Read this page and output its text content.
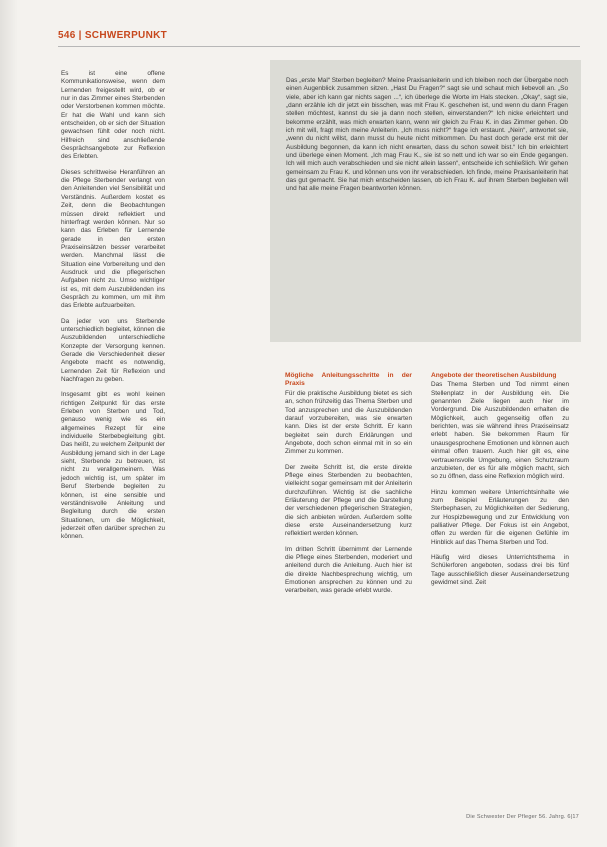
546 | SCHWERPUNKT

Es ist eine offene Kommunikationsweise, wenn dem Lernenden freigestellt wird, ob er nur in das Zimmer eines Sterbenden oder Verstorbenen kommen möchte. Er hat die Wahl und kann sich entscheiden, ob er sich der Situation gewachsen fühlt oder noch nicht. Hilfreich sind anschließende Gesprächsangebote zur Reflexion des Erlebten.

Dieses schrittweise Heranführen an die Pflege Sterbender verlangt von den Anleitenden viel Sensibilität und Verständnis. Außerdem kostet es Zeit, denn die Beobachtungen müssen direkt reflektiert und hinterfragt werden können. Nur so kann das Erleben für Lernende gerade in den ersten Praxiseinsätzen besser verarbeitet werden. Manchmal lässt die Situation eine Vorbereitung und den Ausdruck und die pflegerischen Aufgaben nicht zu. Umso wichtiger ist es, mit dem Auszubildenden ins Gespräch zu kommen, um mit ihm das Erlebte aufzuarbeiten.

Da jeder von uns Sterbende unterschiedlich begleitet, können die Auszubildenden unterschiedliche Konzepte der Versorgung kennen. Gerade die Verschiedenheit dieser Angebote macht es notwendig, Lernenden Zeit für Reflexion und Nachfragen zu geben.

Insgesamt gibt es wohl keinen richtigen Zeitpunkt für das erste Erleben von Sterben und Tod, genauso wenig wie es ein allgemeines Rezept für eine individuelle Sterbebegleitung gibt. Das heißt, zu welchem Zeitpunkt der Ausbildung jemand sich in der Lage sieht, Sterbende zu betreuen, ist nicht zu verallgemeinern. Was jedoch wichtig ist, um später im Beruf Sterbende begleiten zu können, ist eine sensible und verständnisvolle Anleitung und Begleitung durch die ersten Situationen, um die Möglichkeit, jederzeit offen darüber sprechen zu können.

Das „erste Mal“ Sterben begleiten? Meine Praxisanleiterin und ich bleiben noch der Übergabe noch einen Augenblick zusammen sitzen. „Hast Du Fragen?“ sagt sie und schaut mich liebevoll an. „So viele, aber ich kann gar nichts sagen ...“, ich überlege die Worte im Hals stecken. „Okay“, sagt sie, „dann erzähle ich dir jetzt ein bisschen, was mit Frau K. geschehen ist, und wenn du dann Fragen stellen möchtest, kannst du sie ja dann noch stellen, einverstanden?“ Ich nicke erleichtert und bekomme erzählt, was mich erwarten kann, wenn wir gleich zu Frau K. in das Zimmer gehen. Ob ich mit will, fragt mich meine Anleiterin. „Ich muss nicht?“ frage ich erstaunt. „Nein“, antwortet sie, „wenn du nicht willst, dann musst du heute nicht mitkommen. Du hast doch gerade erst mit der Ausbildung begonnen, da kann ich nicht erwarten, dass du schon soweit bist.“ Ich bin erleichtert und überlege einen Moment. „Ich mag Frau K., sie ist so nett und ich war so ein Ende gegangen. Ich will mich auch verabschieden und sie nicht allein lassen“, entscheide ich schließlich. Wir gehen gemeinsam zu Frau K. und können uns von ihr verabschieden. Ich finde, meine Praxisanleiterin hat das gut gemacht. Sie hat mich entscheiden lassen, ob ich Frau K. auf ihrem Sterben begleiten will und hat alle meine Fragen beantworten können.

Mögliche Anleitungsschritte in der Praxis

Für die praktische Ausbildung bietet es sich an, schon frühzeitig das Thema Sterben und Tod anzusprechen und die Auszubildenden darauf vorzubereiten, was sie erwarten kann. Dies ist der erste Schritt. Er kann begleitet sein durch Erklärungen und Angebote, doch schon einmal mit in so ein Zimmer zu kommen.

Der zweite Schritt ist, die erste direkte Pflege eines Sterbenden zu beobachten, vielleicht sogar gemeinsam mit der Anleiterin durchzuführen. Wichtig ist die sachliche Erläuterung der Pflege und die Darstellung der verschiedenen pflegerischen Strategien, die sich anbieten würden. Außerdem sollte diese erste Auseinandersetzung kurz reflektiert werden können.

Im dritten Schritt übernimmt der Lernende die Pflege eines Sterbenden, moderiert und anleitend durch die Anleitung. Auch hier ist die direkte Nachbesprechung wichtig, um Emotionen ansprechen zu können und zu verarbeiten, was gerade erlebt wurde.

Angebote der theoretischen Ausbildung

Das Thema Sterben und Tod nimmt einen Stellenplatz in der Ausbildung ein. Die genannten Ziele liegen auch hier im Vordergrund. Die Auszubildenden erhalten die Möglichkeit, auch gegenseitig offen zu berichten, was sie während ihres Praxiseinsatz erlebt haben. Sie bekommen Raum für unausgesprochene Emotionen und können auch einmal offen trauern. Auch hier gilt es, eine vertrauensvolle Umgebung, einen Schutzraum anzubieten, der es für alle möglich macht, sich so zu öffnen, dass eine Reflexion möglich wird.

Hinzu kommen weitere Unterrichtsinhalte wie zum Beispiel Erläuterungen zu den Sterbephasen, zu Möglichkeiten der Sedierung, zur Hospizbewegung und zur Entwicklung von palliativer Pflege. Der Fokus ist ein Angebot, offen zu werden für die eigenen Gefühle im Hinblick auf das Thema Sterben und Tod.

Häufig wird dieses Unterrichtsthema in Schülerforen angeboten, sodass drei bis fünf Tage ausschließlich dieser Auseinandersetzung gewidmet sind. Zeit

Die Schwester Der Pfleger 56. Jahrg. 6|17
